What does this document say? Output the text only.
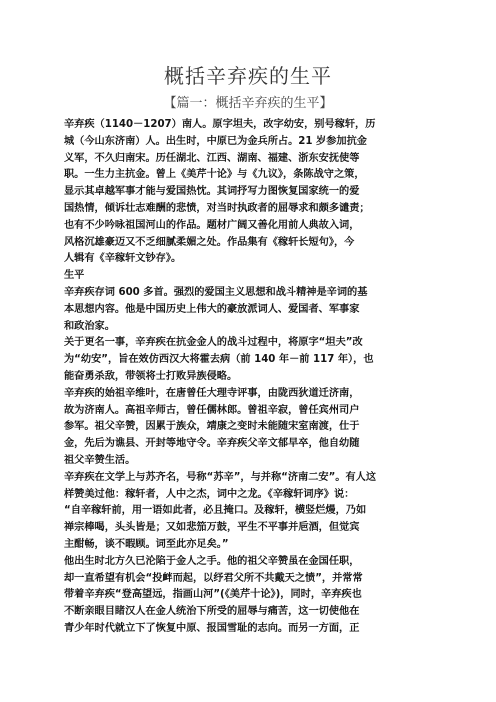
概括辛弃疾的生平
【篇一：概括辛弃疾的生平】
辛弃疾（1140－1207）南人。原字坦夫，改字幼安，别号稼轩，历
城（今山东济南）人。出生时，中原已为金兵所占。21 岁参加抗金
义军，不久归南宋。历任湖北、江西、湖南、福建、浙东安抚使等
职。一生力主抗金。曾上《美芹十论》与《九议》，条陈战守之策，
显示其卓越军事才能与爱国热忱。其词抒写力图恢复国家统一的爱
国热情，倾诉壮志难酬的悲愤，对当时执政者的屈辱求和颇多谴责；
也有不少吟咏祖国河山的作品。题材广阔又善化用前人典故入词，
风格沉雄豪迈又不乏细腻柔媚之处。作品集有《稼轩长短句》，今
人辑有《辛稼轩文钞存》。
生平
辛弃疾存词 600 多首。强烈的爱国主义思想和战斗精神是辛词的基
本思想内容。他是中国历史上伟大的豪放派词人、爱国者、军事家
和政治家。
关于更名一事，辛弃疾在抗金金人的战斗过程中，将原字“坦夫”改
为“幼安”，旨在效仿西汉大将霍去病（前 140 年－前 117 年），也
能奋勇杀敌，带领将士打败异族侵略。
辛弃疾的始祖辛维叶，在唐曾任大理寺评事，由陇西狄道迁济南，
故为济南人。高祖辛师古，曾任儒林郎。曾祖辛寂，曾任宾州司户
参军。祖父辛赞，因累于族众，靖康之变时未能随宋室南渡，仕于
金，先后为谯县、开封等地守令。辛弃疾父辛文郁早卒，他自幼随
祖父辛赞生活。
辛弃疾在文学上与苏齐名，号称“苏辛”，与并称“济南二安”。有人这
样赞美过他：稼轩者，人中之杰，词中之龙。《辛稼轩词序》说：
“自辛稼轩前，用一语如此者，必且掩口。及稼轩，横竖烂熳，乃如
禅宗棒喝，头头皆是；又如悲笳万鼓，平生不平事并巵酒，但觉宾
主酣畅，谈不暇顾。词至此亦足矣。”
他出生时北方久已沦陷于金人之手。他的祖父辛赞虽在金国任职，
却一直希望有机会“投衅而起，以纾君父所不共戴天之愤”，并常常
带着辛弃疾“登高望远，指画山河”(《美芹十论》)，同时，辛弃疾也
不断亲眼目睹汉人在金人统治下所受的屈辱与痛苦，这一切使他在
青少年时代就立下了恢复中原、报国雪耻的志向。而另一方面，正
